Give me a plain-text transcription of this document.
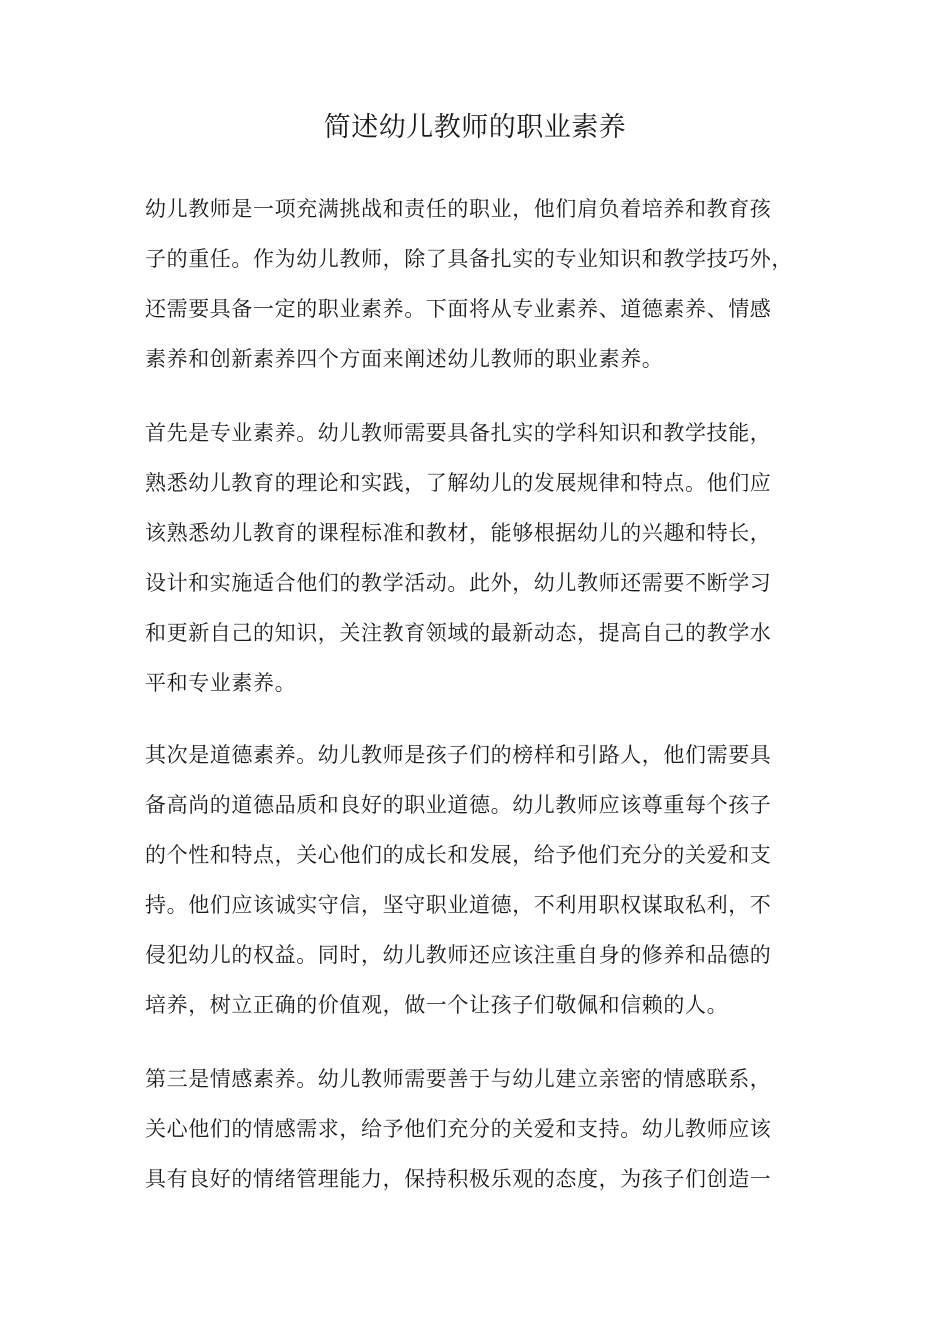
简述幼儿教师的职业素养
幼儿教师是一项充满挑战和责任的职业，他们肩负着培养和教育孩
子的重任。作为幼儿教师，除了具备扎实的专业知识和教学技巧外，
还需要具备一定的职业素养。下面将从专业素养、道德素养、情感
素养和创新素养四个方面来阐述幼儿教师的职业素养。
首先是专业素养。幼儿教师需要具备扎实的学科知识和教学技能，
熟悉幼儿教育的理论和实践，了解幼儿的发展规律和特点。他们应
该熟悉幼儿教育的课程标准和教材，能够根据幼儿的兴趣和特长，
设计和实施适合他们的教学活动。此外，幼儿教师还需要不断学习
和更新自己的知识，关注教育领域的最新动态，提高自己的教学水
平和专业素养。
其次是道德素养。幼儿教师是孩子们的榜样和引路人，他们需要具
备高尚的道德品质和良好的职业道德。幼儿教师应该尊重每个孩子
的个性和特点，关心他们的成长和发展，给予他们充分的关爱和支
持。他们应该诚实守信，坚守职业道德，不利用职权谋取私利，不
侵犯幼儿的权益。同时，幼儿教师还应该注重自身的修养和品德的
培养，树立正确的价值观，做一个让孩子们敬佩和信赖的人。
第三是情感素养。幼儿教师需要善于与幼儿建立亲密的情感联系，
关心他们的情感需求，给予他们充分的关爱和支持。幼儿教师应该
具有良好的情绪管理能力，保持积极乐观的态度，为孩子们创造一
